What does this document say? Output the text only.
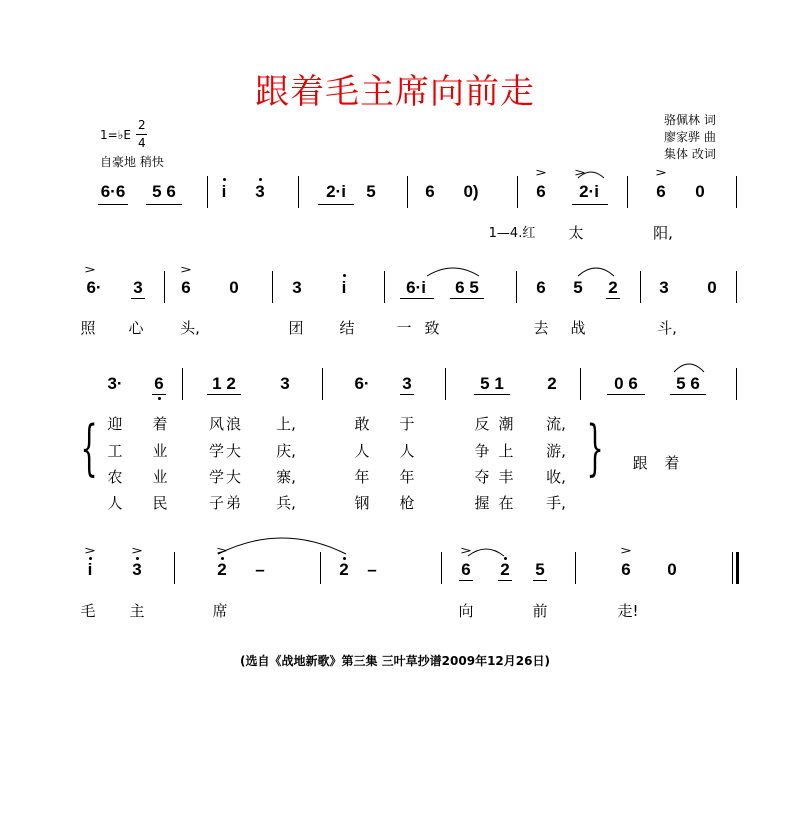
跟着毛主席向前走
1=♭E
2
4
自豪地 稍快
骆佩林 词
廖家骅 曲
集体 改词
6·6 5 6	i 3	2·i 5	6 0)
>
6
>
2·i
>
6 0
1—4.红 太	阳,
>
6· 3
>
6 0	3 i	6·i 6 5	6 5 2 3 0
照 心 头,	团 结	一 致	去 战	斗,
3· 6	1 2	3	6· 3	5 1	2	0 6 5 6
{	}
迎 着	风浪 上,	敢 于	反 潮 流,
工 业	学大 庆,	人 人	争 上 游,
农 业	学大 寨,	年 年	夺 丰 收,
人 民	子弟 兵,	钢 枪	握 在 手,
跟 着
>
i
>
3
>
2 –	2 –
>
6 2 5
>
6 0
毛 主	席	向	前	走!
(选自《战地新歌》第三集 三叶草抄谱2009年12月26日)
